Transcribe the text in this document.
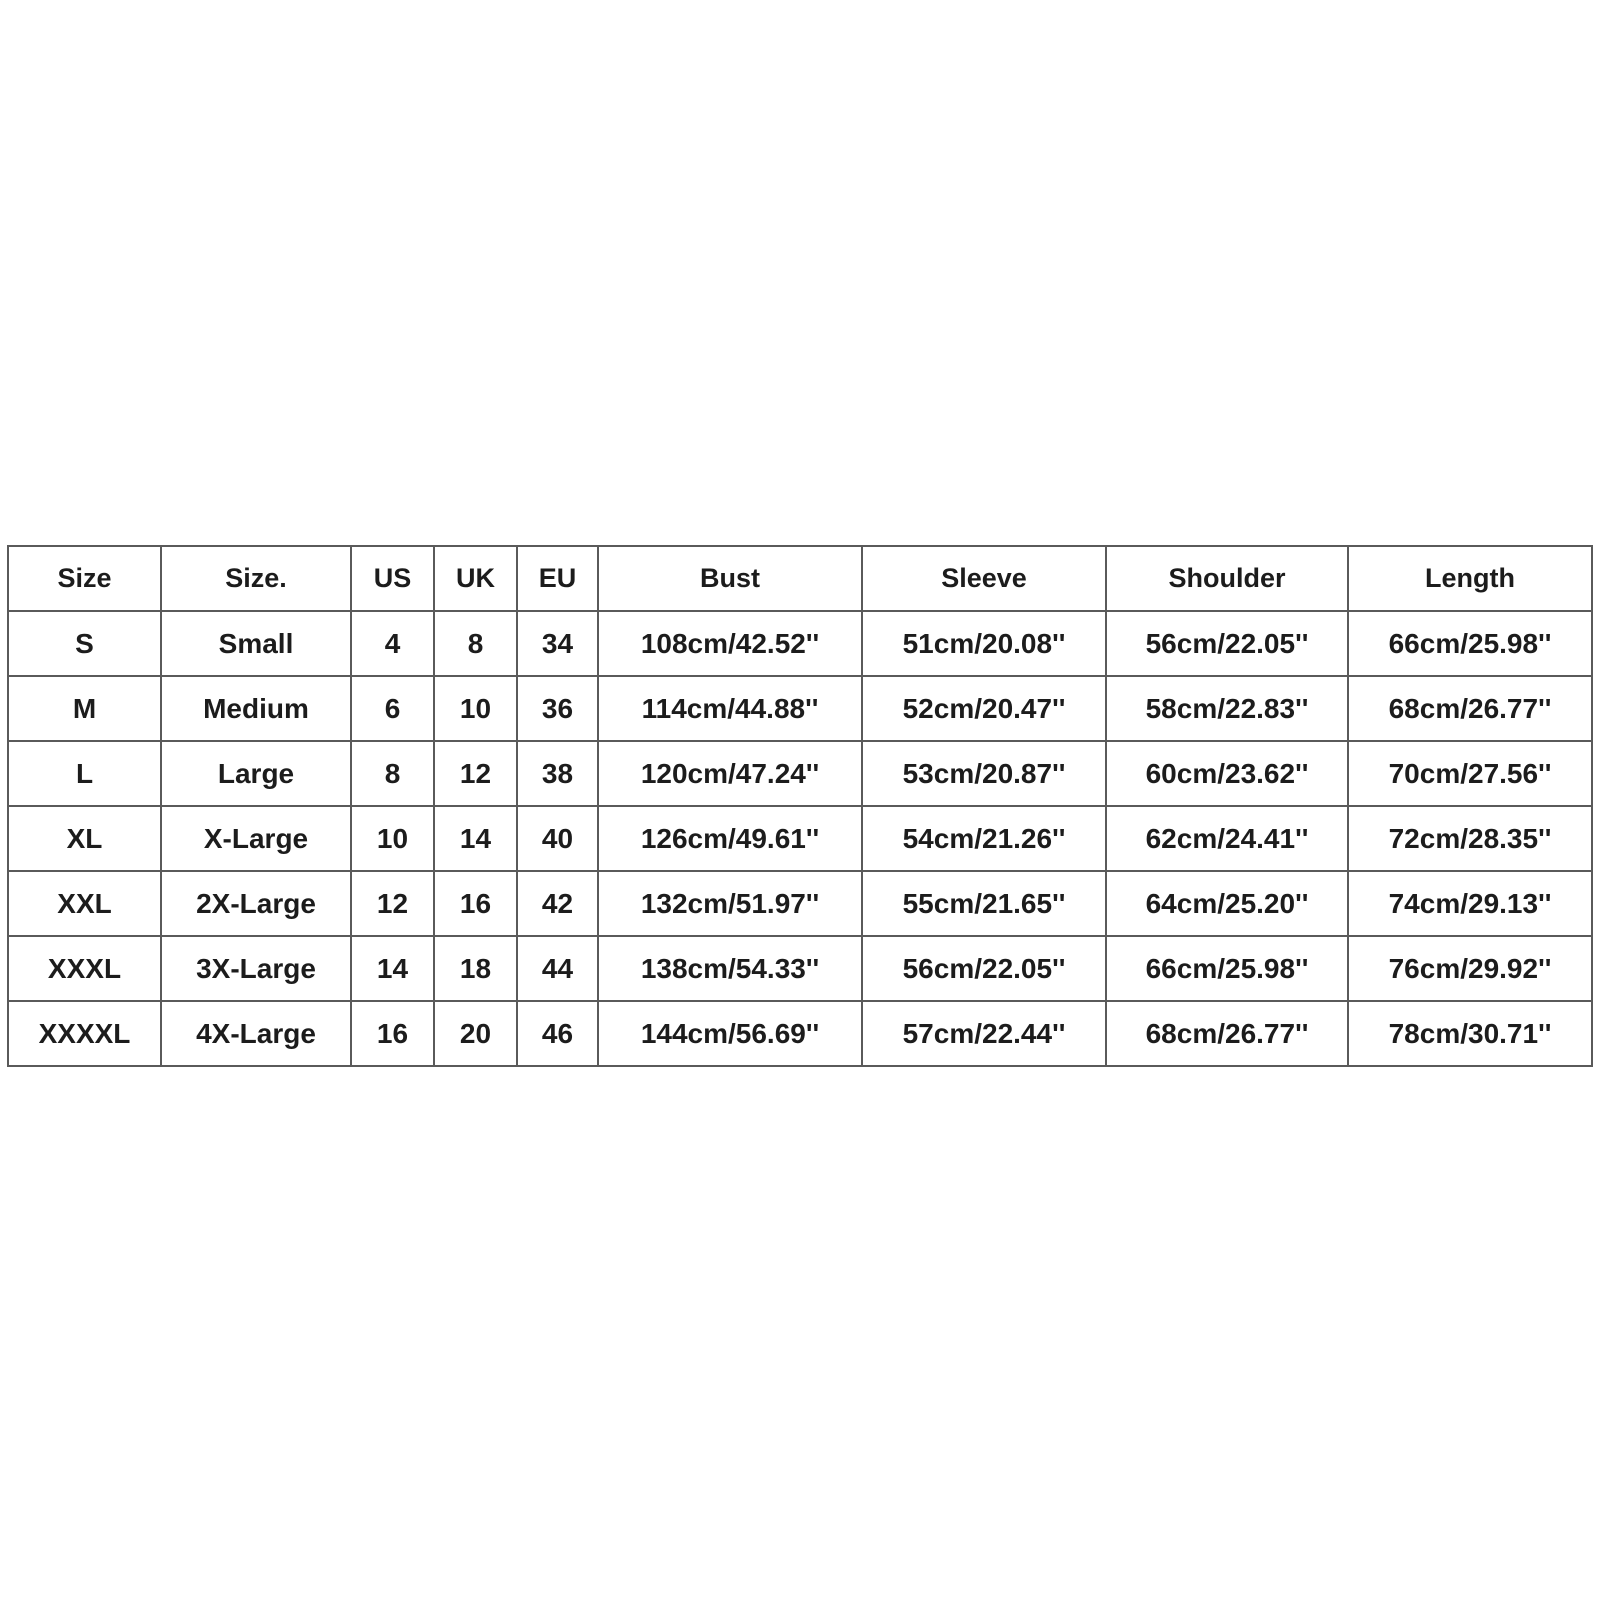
Size	Size.	US	UK	EU	Bust	Sleeve	Shoulder	Length
S	Small	4	8	34	108cm/42.52''	51cm/20.08''	56cm/22.05''	66cm/25.98''
M	Medium	6	10	36	114cm/44.88''	52cm/20.47''	58cm/22.83''	68cm/26.77''
L	Large	8	12	38	120cm/47.24''	53cm/20.87''	60cm/23.62''	70cm/27.56''
XL	X-Large	10	14	40	126cm/49.61''	54cm/21.26''	62cm/24.41''	72cm/28.35''
XXL	2X-Large	12	16	42	132cm/51.97''	55cm/21.65''	64cm/25.20''	74cm/29.13''
XXXL	3X-Large	14	18	44	138cm/54.33''	56cm/22.05''	66cm/25.98''	76cm/29.92''
XXXXL	4X-Large	16	20	46	144cm/56.69''	57cm/22.44''	68cm/26.77''	78cm/30.71''
